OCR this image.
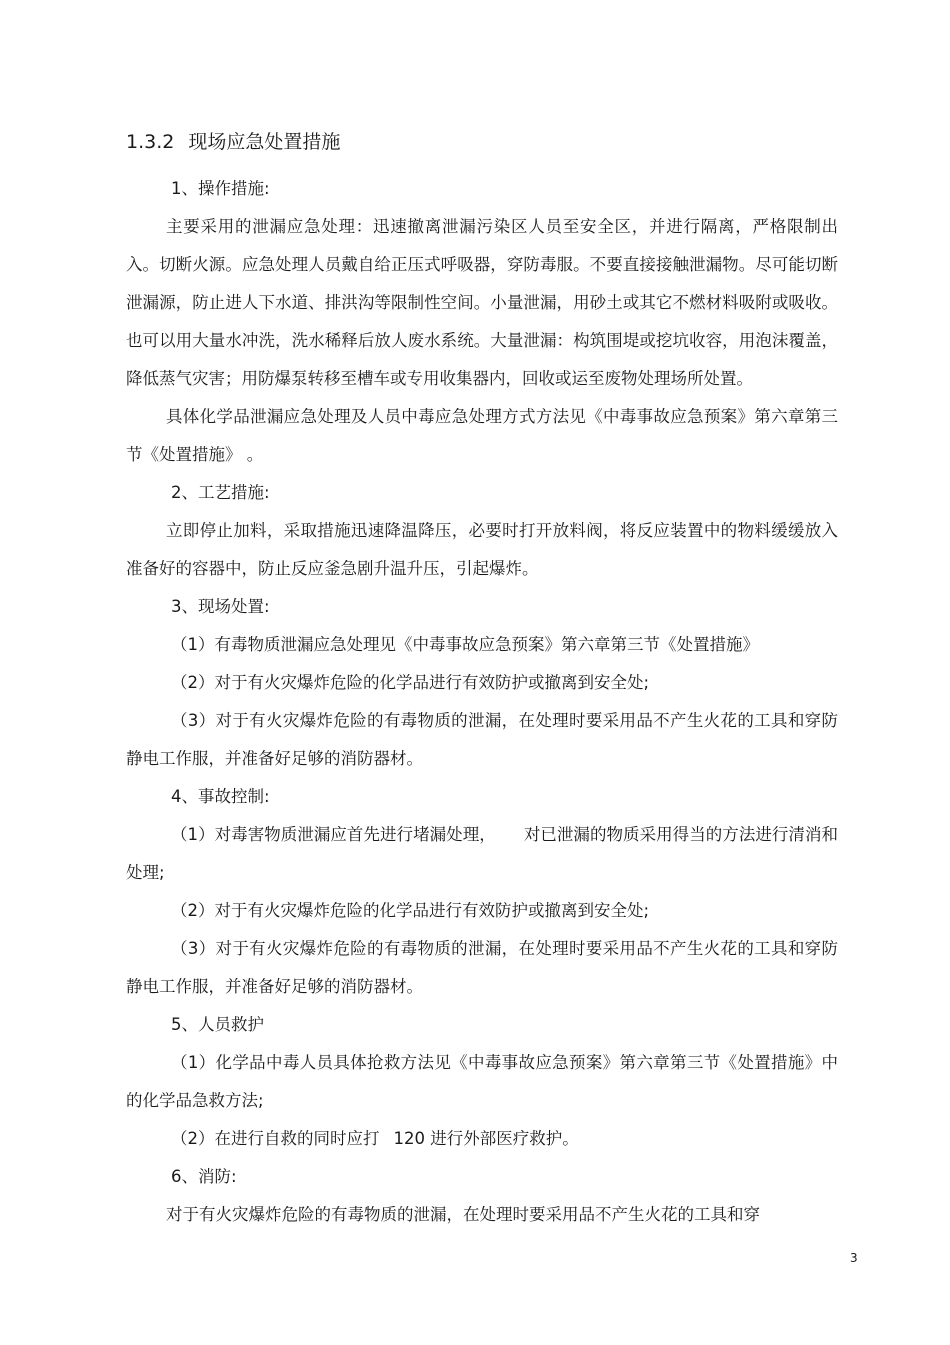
1.3.2 现场应急处置措施

1、操作措施:

主要采用的泄漏应急处理：迅速撤离泄漏污染区人员至安全区，并进行隔离，严格限制出入。切断火源。应急处理人员戴自给正压式呼吸器，穿防毒服。不要直接接触泄漏物。尽可能切断泄漏源，防止进人下水道、排洪沟等限制性空间。小量泄漏，用砂土或其它不燃材料吸附或吸收。也可以用大量水冲洗，洗水稀释后放人废水系统。大量泄漏：构筑围堤或挖坑收容，用泡沫覆盖，降低蒸气灾害；用防爆泵转移至槽车或专用收集器内，回收或运至废物处理场所处置。

具体化学品泄漏应急处理及人员中毒应急处理方式方法见《中毒事故应急预案》第六章第三节《处置措施》 。

2、工艺措施:

立即停止加料，采取措施迅速降温降压，必要时打开放料阀，将反应装置中的物料缓缓放入准备好的容器中，防止反应釜急剧升温升压，引起爆炸。

3、现场处置:

（1）有毒物质泄漏应急处理见《中毒事故应急预案》第六章第三节《处置措施》

（2）对于有火灾爆炸危险的化学品进行有效防护或撤离到安全处;

（3）对于有火灾爆炸危险的有毒物质的泄漏，在处理时要采用品不产生火花的工具和穿防静电工作服，并准备好足够的消防器材。

4、事故控制:

（1）对毒害物质泄漏应首先进行堵漏处理， 对已泄漏的物质采用得当的方法进行清消和处理;

（2）对于有火灾爆炸危险的化学品进行有效防护或撤离到安全处;

（3）对于有火灾爆炸危险的有毒物质的泄漏，在处理时要采用品不产生火花的工具和穿防静电工作服，并准备好足够的消防器材。

5、人员救护

（1）化学品中毒人员具体抢救方法见《中毒事故应急预案》第六章第三节《处置措施》中的化学品急救方法;

（2）在进行自救的同时应打 120 进行外部医疗救护。

6、消防:

对于有火灾爆炸危险的有毒物质的泄漏，在处理时要采用品不产生火花的工具和穿

3
